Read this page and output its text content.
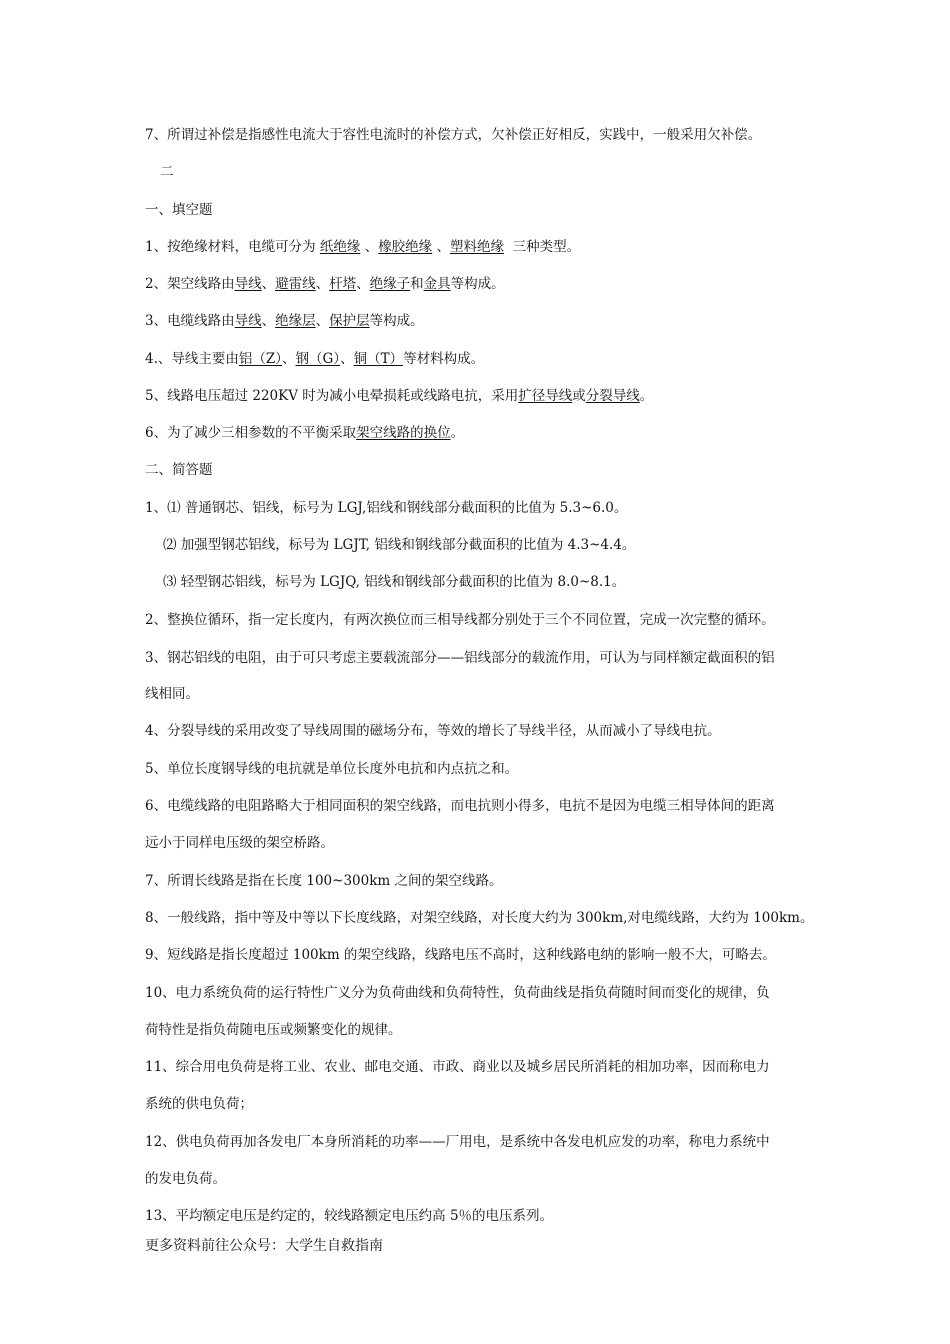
7、所谓过补偿是指感性电流大于容性电流时的补偿方式，欠补偿正好相反，实践中，一般采用欠补偿。
二
一、填空题
1、按绝缘材料，电缆可分为 纸绝缘 、橡胶绝缘 、塑料绝缘 三种类型。
2、架空线路由导线、避雷线、杆塔、绝缘子和金具等构成。
3、电缆线路由导线、绝缘层、保护层等构成。
4.、导线主要由铝（Z）、钢（G）、铜（T）等材料构成。
5、线路电压超过 220KV 时为减小电晕损耗或线路电抗，采用扩径导线或分裂导线。
6、为了减少三相参数的不平衡采取架空线路的换位。
二、简答题
1、⑴ 普通钢芯、铝线，标号为 LGJ,铝线和钢线部分截面积的比值为 5.3~6.0。
⑵ 加强型钢芯铝线，标号为 LGJT, 铝线和钢线部分截面积的比值为 4.3~4.4。
⑶ 轻型钢芯铝线，标号为 LGJQ, 铝线和钢线部分截面积的比值为 8.0~8.1。
2、整换位循环，指一定长度内，有两次换位而三相导线都分别处于三个不同位置，完成一次完整的循环。
3、钢芯铝线的电阻，由于可只考虑主要载流部分——铝线部分的载流作用，可认为与同样额定截面积的铝
线相同。
4、分裂导线的采用改变了导线周围的磁场分布，等效的增长了导线半径，从而减小了导线电抗。
5、单位长度钢导线的电抗就是单位长度外电抗和内点抗之和。
6、电缆线路的电阻路略大于相同面积的架空线路，而电抗则小得多，电抗不是因为电缆三相导体间的距离
远小于同样电压级的架空桥路。
7、所谓长线路是指在长度 100~300km 之间的架空线路。
8、一般线路，指中等及中等以下长度线路，对架空线路，对长度大约为 300km,对电缆线路，大约为 100km。
9、短线路是指长度超过 100km 的架空线路，线路电压不高时，这种线路电纳的影响一般不大，可略去。
10、电力系统负荷的运行特性广义分为负荷曲线和负荷特性，负荷曲线是指负荷随时间而变化的规律，负
荷特性是指负荷随电压或频繁变化的规律。
11、综合用电负荷是将工业、农业、邮电交通、市政、商业以及城乡居民所消耗的相加功率，因而称电力
系统的供电负荷；
12、供电负荷再加各发电厂本身所消耗的功率——厂用电，是系统中各发电机应发的功率，称电力系统中
的发电负荷。
13、平均额定电压是约定的，较线路额定电压约高 5％的电压系列。
更多资料前往公众号：大学生自救指南
